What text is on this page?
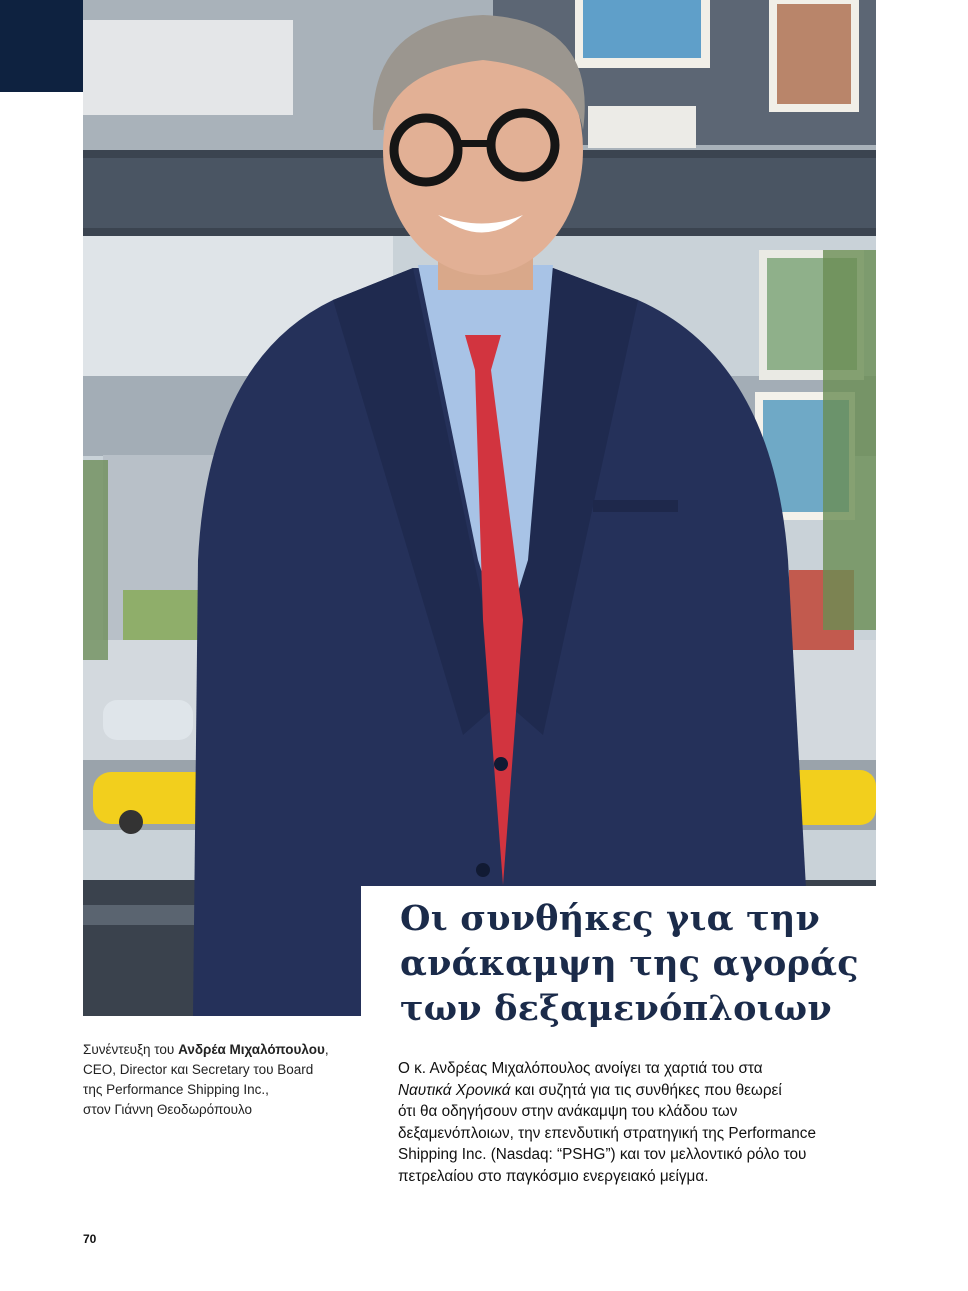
Οι συνθήκες για την
ανάκαμψη της αγοράς
των δεξαμενόπλοιων
Συνέντευξη του Ανδρέα Μιχαλόπουλου,
CEO, Director και Secretary του Board
της Performance Shipping Inc.,
στον Γιάννη Θεοδωρόπουλο
Ο κ. Ανδρέας Μιχαλόπουλος ανοίγει τα χαρτιά του στα
Ναυτικά Χρονικά και συζητά για τις συνθήκες που θεωρεί
ότι θα οδηγήσουν στην ανάκαμψη του κλάδου των
δεξαμενόπλοιων, την επενδυτική στρατηγική της Performance
Shipping Inc. (Nasdaq: “PSHG”) και τον μελλοντικό ρόλο του
πετρελαίου στο παγκόσμιο ενεργειακό μείγμα.
70
